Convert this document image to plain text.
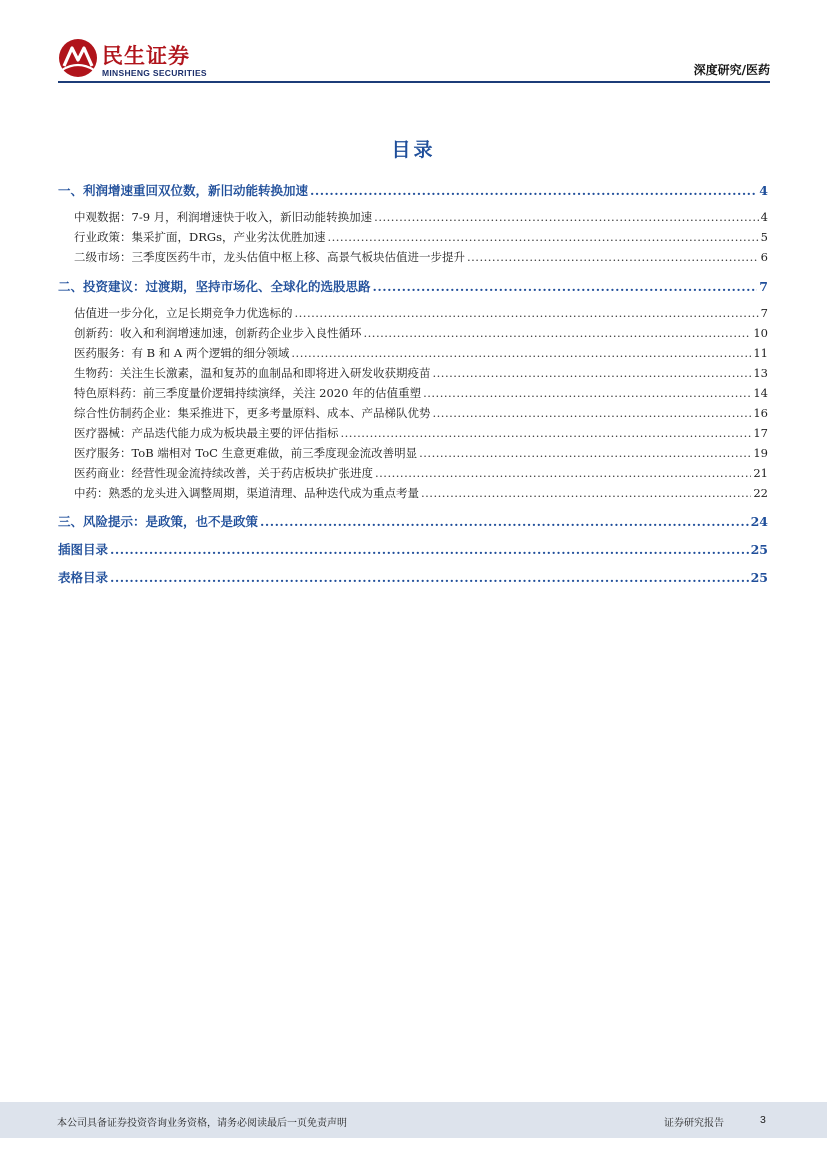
民生证券
MINSHENG SECURITIES	深度研究/医药
目录
一、利润增速重回双位数，新旧动能转换加速 .....	4
中观数据：7-9 月，利润增速快于收入，新旧动能转换加速 .....	4
行业政策：集采扩面，DRGs，产业劣汰优胜加速 .....	5
二级市场：三季度医药牛市，龙头估值中枢上移、高景气板块估值进一步提升 .....	6
二、投资建议：过渡期，坚持市场化、全球化的选股思路 .....	7
估值进一步分化，立足长期竞争力优选标的 .....	7
创新药：收入和利润增速加速，创新药企业步入良性循环 .....	10
医药服务：有 B 和 A 两个逻辑的细分领域 .....	11
生物药：关注生长激素，温和复苏的血制品和即将进入研发收获期疫苗 .....	13
特色原料药：前三季度量价逻辑持续演绎，关注 2020 年的估值重塑 .....	14
综合性仿制药企业：集采推进下，更多考量原料、成本、产品梯队优势 .....	16
医疗器械：产品迭代能力成为板块最主要的评估指标 .....	17
医疗服务：ToB 端相对 ToC 生意更难做，前三季度现金流改善明显 .....	19
医药商业：经营性现金流持续改善，关于药店板块扩张进度 .....	21
中药：熟悉的龙头进入调整周期，渠道清理、品种迭代成为重点考量 .....	22
三、风险提示：是政策，也不是政策 .....	24
插图目录 .....	25
表格目录 .....	25
本公司具备证券投资咨询业务资格，请务必阅读最后一页免责声明	证券研究报告	3
